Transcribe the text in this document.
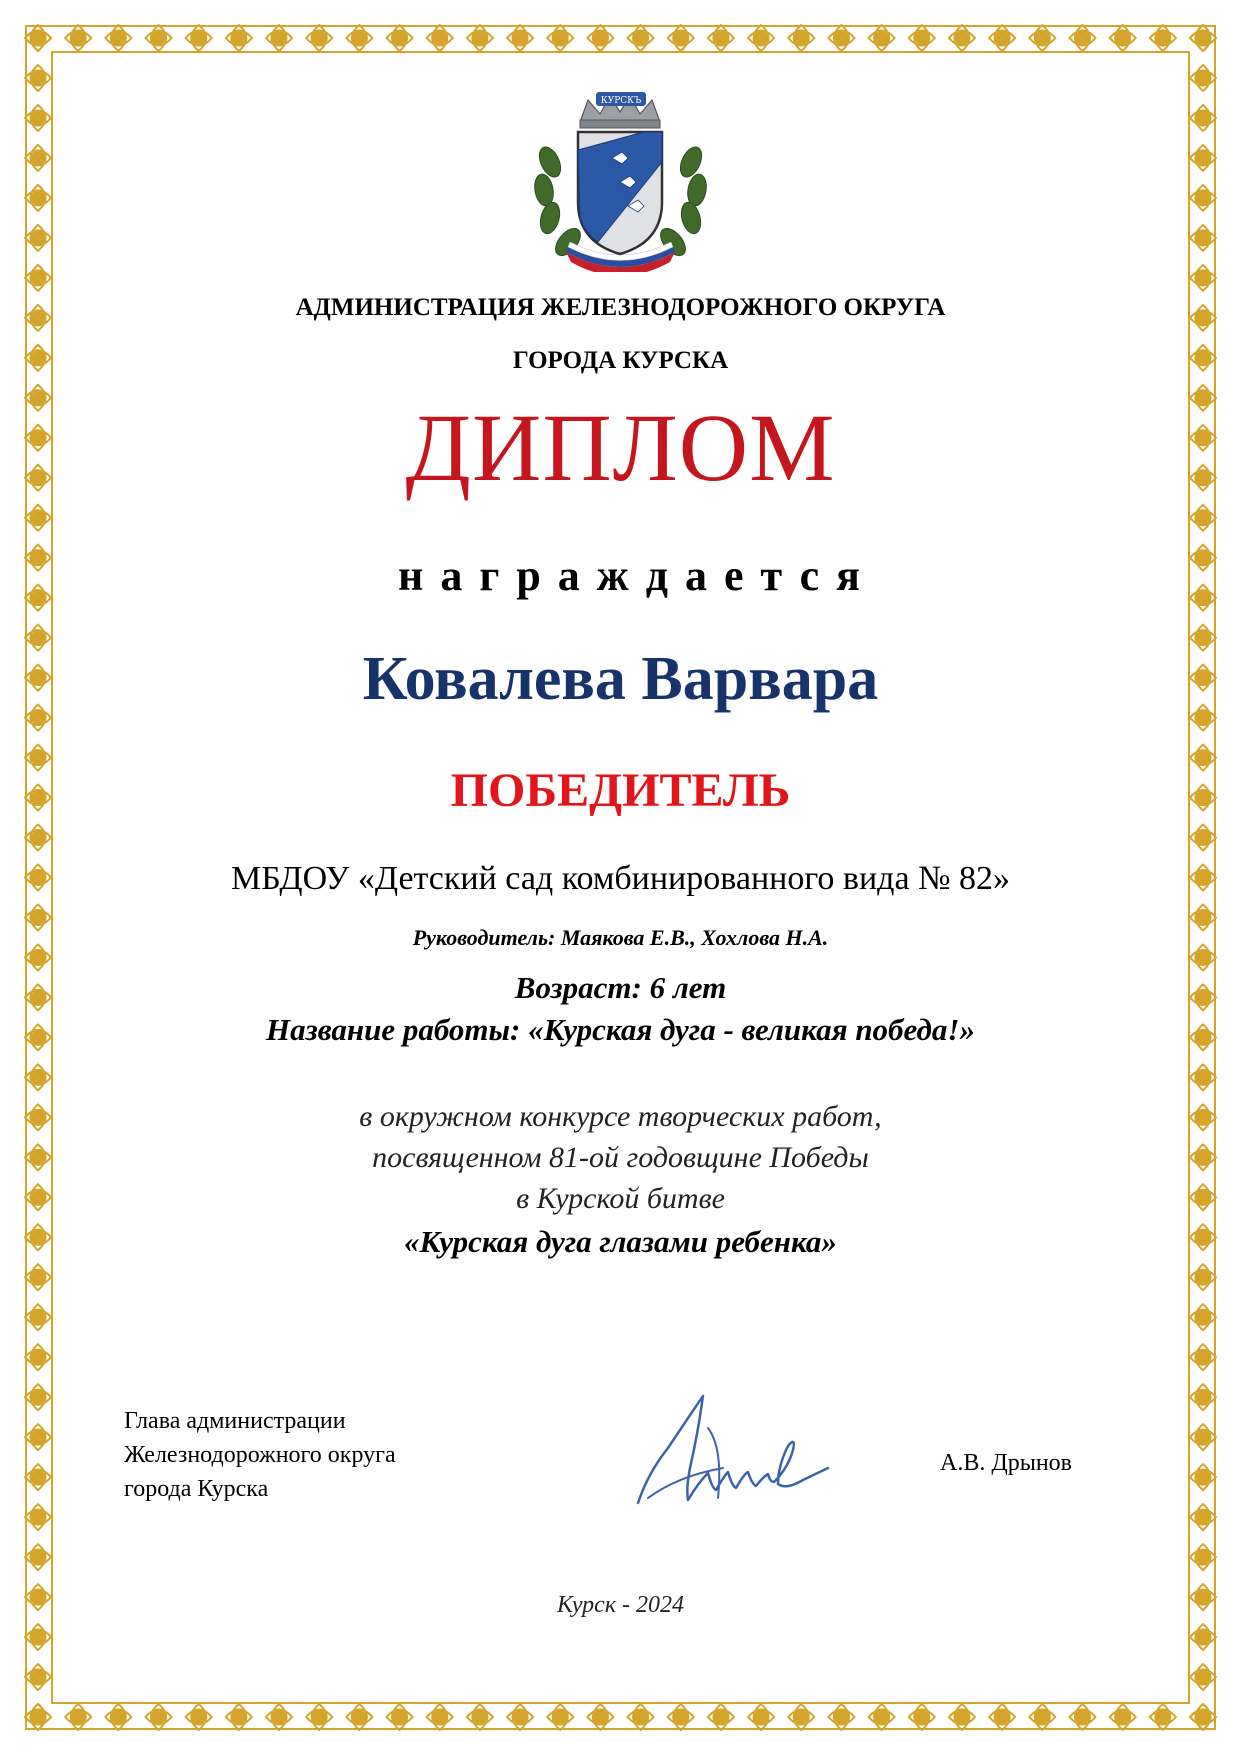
КУРСКЪ
АДМИНИСТРАЦИЯ ЖЕЛЕЗНОДОРОЖНОГО ОКРУГА
ГОРОДА КУРСКА
ДИПЛОМ
награждается
Ковалева Варвара
ПОБЕДИТЕЛЬ
МБДОУ «Детский сад комбинированного вида № 82»
Руководитель: Маякова Е.В., Хохлова Н.А.
Возраст: 6 лет
Название работы: «Курская дуга - великая победа!»
в окружном конкурсе творческих работ,
посвященном 81-ой годовщине Победы
в Курской битве
«Курская дуга глазами ребенка»
Глава администрации
Железнодорожного округа
города Курска
А.В. Дрынов
Курск - 2024
